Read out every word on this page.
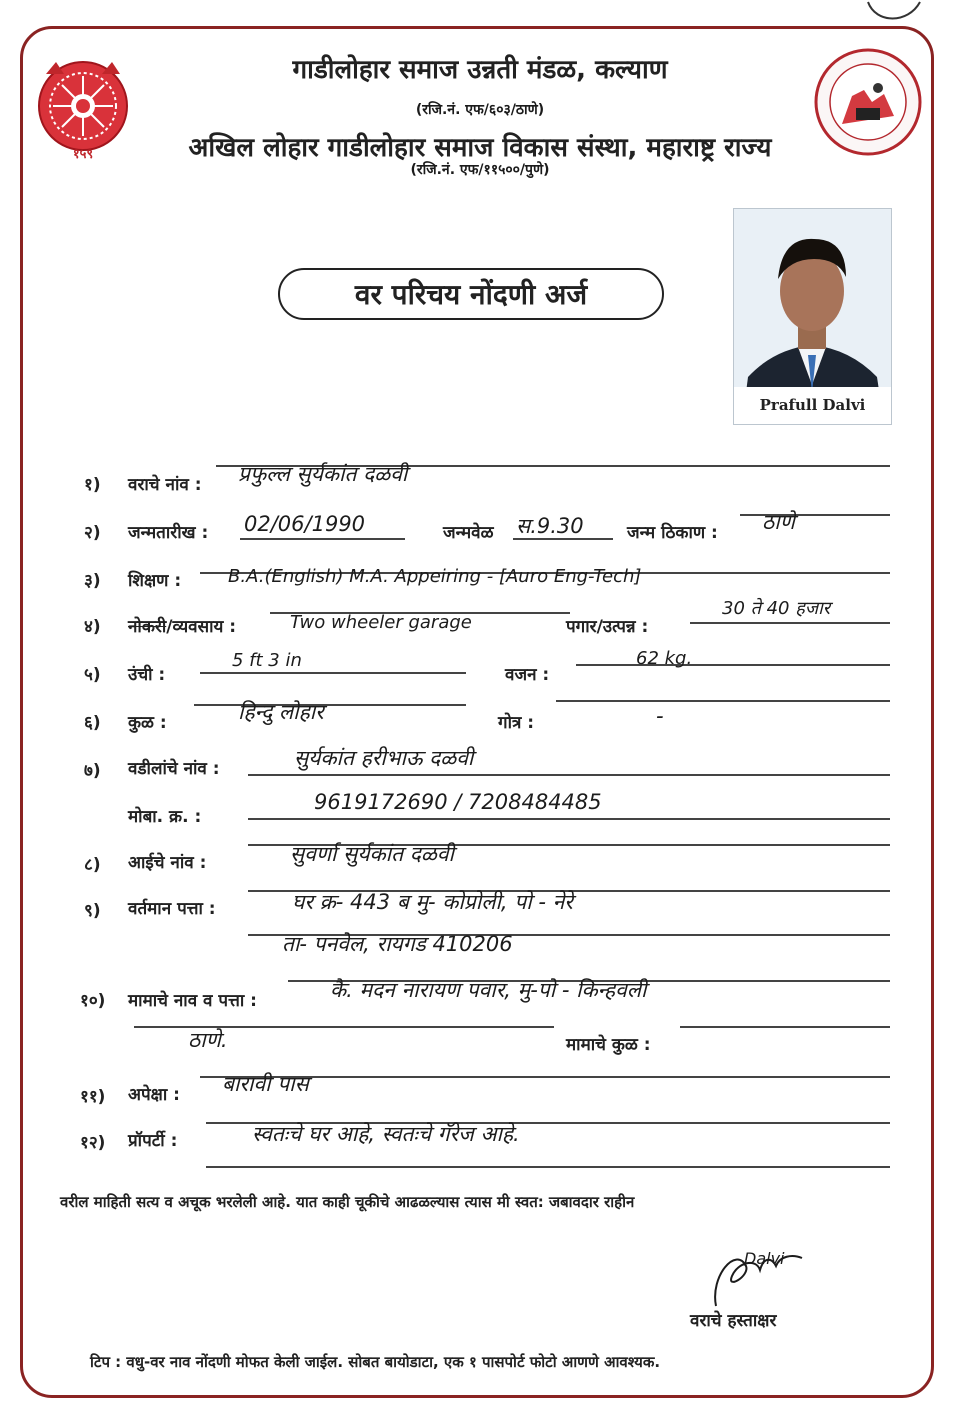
१५९
गाडीलोहार समाज उन्नती मंडळ, कल्याण
(रजि.नं. एफ/६०३/ठाणे)
अखिल लोहार गाडीलोहार समाज विकास संस्था, महाराष्ट्र राज्य
(रजि.नं. एफ/११५००/पुणे)
वर परिचय नोंदणी अर्ज
Prafull Dalvi
१) वराचे नांव : प्रफुल्ल सुर्यकांत दळवी
२) जन्मतारीख : 02/06/1990	जन्मवेळ स.9.30	जन्म ठिकाण : ठाणे
३) शिक्षण :	B.A.(English) M.A. Appeiring - [Auro Eng-Tech]
४) नोकरी/व्यवसाय :	Two wheeler garage	पगार/उत्पन्न :
30 ते 40 हजार
५) उंची :
5 ft 3 in
वजन :
62 kg.
६) कुळ :	हिन्दु लोहार	गोत्र :	-
७) वडीलांचे नांव :	सुर्यकांत हरीभाऊ दळवी
मोबा. क्र. :
9619172690 / 7208484485
८) आईचे नांव :	सुवर्णा सुर्यकांत दळवी
९) वर्तमान पत्ता :	घर क्र- 443 ब मु- कोप्रोली, पो - नेरे
ता- पनवेल, रायगड 410206
१०) मामाचे नाव व पत्ता :	कै. मदन नारायण पवार, मु-पो - किन्हवली
ठाणे.	मामाचे कुळ :
११) अपेक्षा : बारावी पास
१२) प्रॉपर्टी :	स्वतःचे घर आहे, स्वतःचे गॅरेज आहे.
वरील माहिती सत्य व अचूक भरलेली आहे. यात काही चूकीचे आढळल्यास त्यास मी स्वत: जबावदार राहीन
Dalvi
वराचे हस्ताक्षर
टिप : वधु-वर नाव नोंदणी मोफत केली जाईल. सोबत बायोडाटा, एक १ पासपोर्ट फोटो आणणे आवश्यक.
